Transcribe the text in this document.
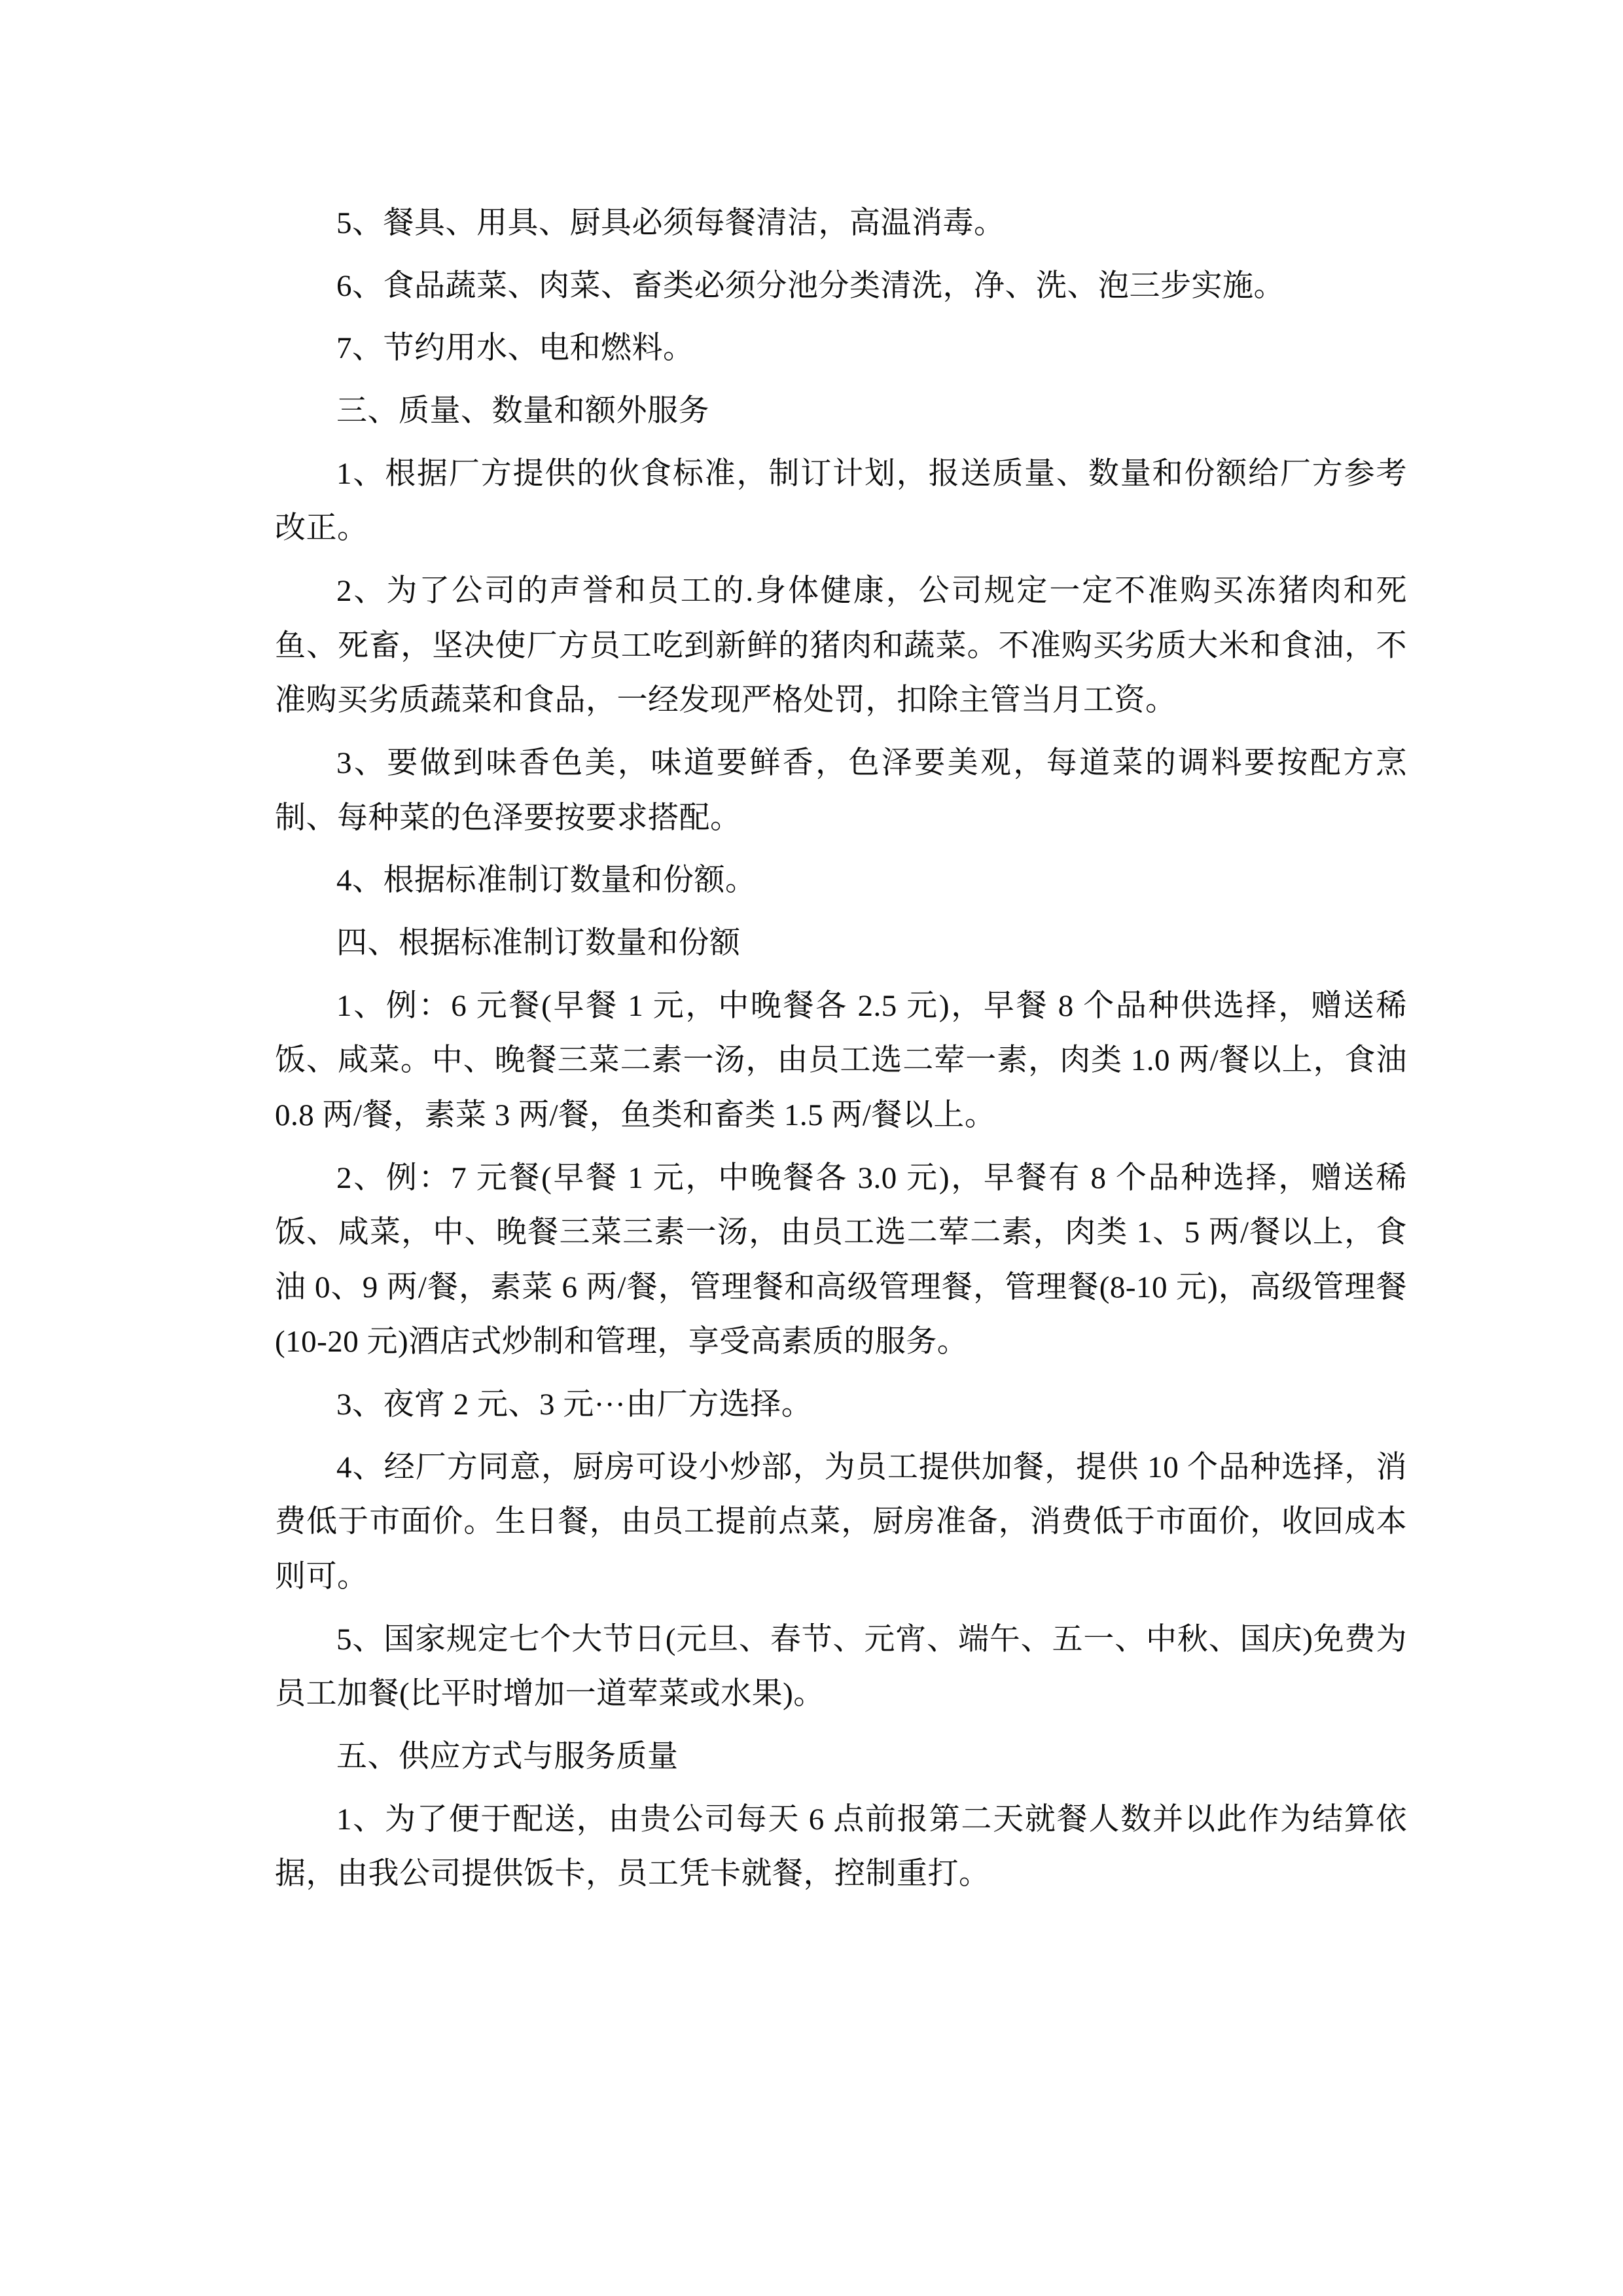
5、餐具、用具、厨具必须每餐清洁，高温消毒。

6、食品蔬菜、肉菜、畜类必须分池分类清洗，净、洗、泡三步实施。

7、节约用水、电和燃料。

三、质量、数量和额外服务

1、根据厂方提供的伙食标准，制订计划，报送质量、数量和份额给厂方参考改正。

2、为了公司的声誉和员工的.身体健康，公司规定一定不准购买冻猪肉和死鱼、死畜，坚决使厂方员工吃到新鲜的猪肉和蔬菜。不准购买劣质大米和食油，不准购买劣质蔬菜和食品，一经发现严格处罚，扣除主管当月工资。

3、要做到味香色美，味道要鲜香，色泽要美观，每道菜的调料要按配方烹制、每种菜的色泽要按要求搭配。

4、根据标准制订数量和份额。

四、根据标准制订数量和份额

1、例：6 元餐(早餐 1 元，中晚餐各 2.5 元)，早餐 8 个品种供选择，赠送稀饭、咸菜。中、晚餐三菜二素一汤，由员工选二荤一素，肉类 1.0 两/餐以上，食油 0.8 两/餐，素菜 3 两/餐，鱼类和畜类 1.5 两/餐以上。

2、例：7 元餐(早餐 1 元，中晚餐各 3.0 元)，早餐有 8 个品种选择，赠送稀饭、咸菜，中、晚餐三菜三素一汤，由员工选二荤二素，肉类 1、5 两/餐以上，食油 0、9 两/餐，素菜 6 两/餐，管理餐和高级管理餐，管理餐(8-10 元)，高级管理餐(10-20 元)酒店式炒制和管理，享受高素质的服务。

3、夜宵 2 元、3 元···由厂方选择。

4、经厂方同意，厨房可设小炒部，为员工提供加餐，提供 10 个品种选择，消费低于市面价。生日餐，由员工提前点菜，厨房准备，消费低于市面价，收回成本则可。

5、国家规定七个大节日(元旦、春节、元宵、端午、五一、中秋、国庆)免费为员工加餐(比平时增加一道荤菜或水果)。

五、供应方式与服务质量

1、为了便于配送，由贵公司每天 6 点前报第二天就餐人数并以此作为结算依据，由我公司提供饭卡，员工凭卡就餐，控制重打。
